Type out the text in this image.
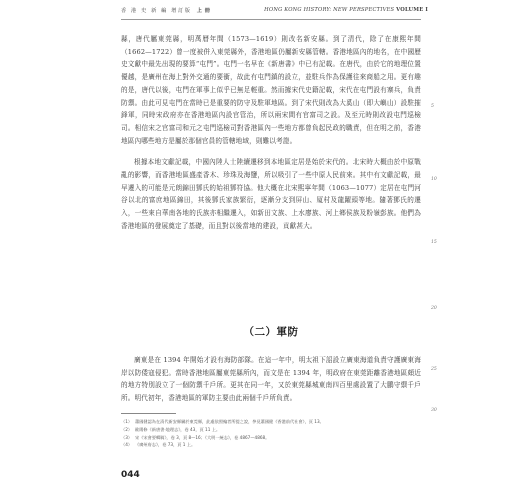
香 港 史 新 編 增訂版 上 冊	HONG KONG HISTORY: NEW PERSPECTIVES VOLUME I

縣，唐代屬東莞縣，明萬曆年間（1573—1619）則改名新安縣。到了清代，除了在康熙年間（1662—1722）曾一度被併入東莞縣外，香港地區仍屬新安縣管轄。香港地區內的地名，在中國歷史文獻中最先出現的要算“屯門”。屯門一名早在《新唐書》中已有記載。在唐代，由於它的地理位置優越，是廣州在海上對外交通的要衝，故此有屯門鎮的設立，並駐兵作為保護往來商船之用。更有趣的是，唐代以後，屯門在軍事上似乎已無足輕重。然而據宋代史籍記載，宋代在屯門設有寨兵，負責防禦。由此可見屯門在當時已是重要的防守及駐軍地區。到了宋代則改為大奚山（即大嶼山）設駐摧鋒軍，同時宋政府亦在香港地區內設官管治，所以兩宋間有官富司之設。及至元時則改設屯門巡檢司。相信宋之官富司和元之屯門巡檢司對香港區內一些地方都曾負起民政的職責，但在明之前，香港地區內哪些地方是屬於那個官員的管轄地域，則難以考證。

根據本地文獻記載，中國內陸人士陸續遷移到本地區定居是始於宋代的。北宋時大概由於中原戰亂的影響，而香港地區盛產香木、珍珠及海鹽，所以吸引了一些中原人民前來。其中有文獻記載，最早遷入的可能是元朗錦田鄧氏的始祖鄧符協。他大概在北宋熙寧年間（1063—1077）定居在屯門河谷以北的富庶地區錦田，其後鄧氏家族繁衍，逐漸分支到屏山、厦村及龍躍頭等地。隨著鄧氏的遷入，一些來自華南各地的氏族亦相繼遷入，如新田文族、上水廖族、河上鄉侯族及粉嶺彭族。他們為香港地區的發展奠定了基礎，而且對以後當地的建設，貢獻甚大。

（二）軍防

廣東是在 1394 年開始才設有海防部隊。在這一年中，明太祖下詔設立廣東海道負責守護廣東海岸以防倭寇侵犯。當時香港地區屬東莞縣所內，而文是在 1394 年，明政府在東莞距離香港地區頗近的地方特別設立了一個防禦千戶所。更其在同一年，又於東莞縣城東南四百里處設置了大鵬守禦千戶所。明代初年，香港地區的軍防主要由此兩個千戶所負責。

（1） 蕭國健認為在清代新安縣屬於東莞縣，此處依照編者所提之說，參見蕭國健《香港前代社會》，頁 13。
（2） 歐陽修《新唐書·地理志》，卷 43，頁 11 上。
（3） 宋《宋會要輯稿》，卷 3，頁 8—16；《大明一統志》，卷 4867—4868。
（4） 《廣州府志》，卷 73，頁 1 上。
044
5
10
15
20
25
30
